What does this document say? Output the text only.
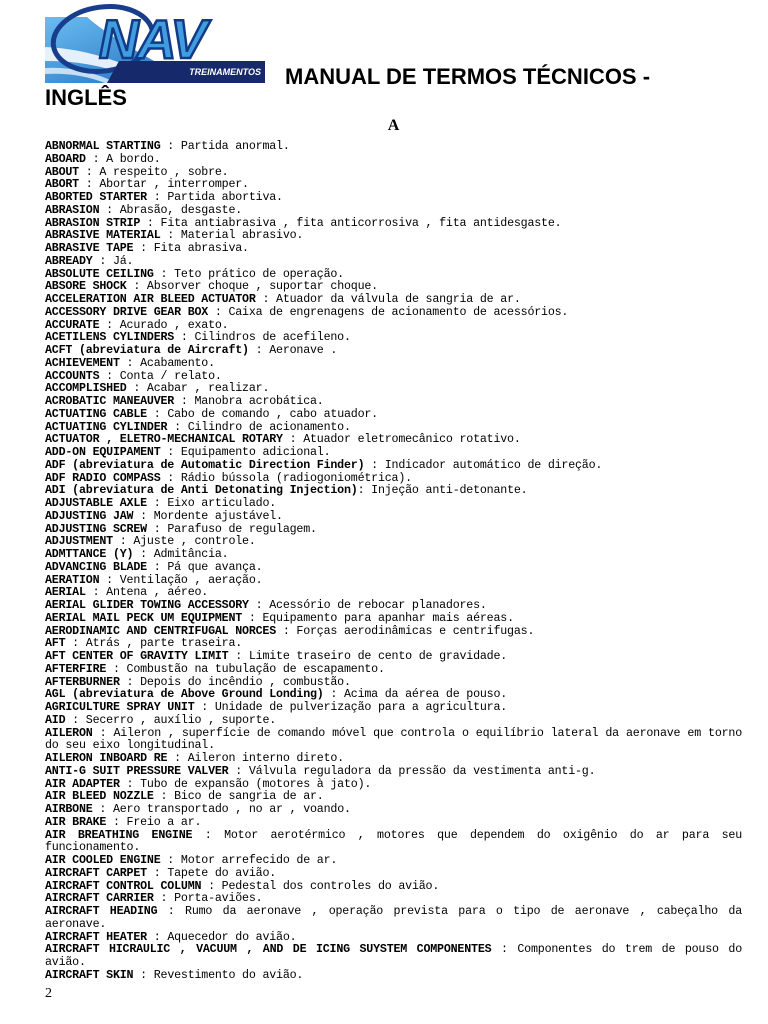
NAV
TREINAMENTOS	MANUAL DE TERMOS TÉCNICOS - INGLÊS
A
ABNORMAL STARTING : Partida anormal.
ABOARD : A bordo.
ABOUT : A respeito , sobre.
ABORT : Abortar , interromper.
ABORTED STARTER : Partida abortiva.
ABRASION : Abrasão, desgaste.
ABRASION STRIP : Fita antiabrasiva , fita anticorrosiva , fita antidesgaste.
ABRASIVE MATERIAL : Material abrasivo.
ABRASIVE TAPE : Fita abrasiva.
ABREADY : Já.
ABSOLUTE CEILING : Teto prático de operação.
ABSORE SHOCK : Absorver choque , suportar choque.
ACCELERATION AIR BLEED ACTUATOR : Atuador da válvula de sangria de ar.
ACCESSORY DRIVE GEAR BOX : Caixa de engrenagens de acionamento de acessórios.
ACCURATE : Acurado , exato.
ACETILENS CYLINDERS : Cilindros de acefileno.
ACFT (abreviatura de Aircraft) : Aeronave .
ACHIEVEMENT : Acabamento.
ACCOUNTS : Conta / relato.
ACCOMPLISHED : Acabar , realizar.
ACROBATIC MANEAUVER : Manobra acrobática.
ACTUATING CABLE : Cabo de comando , cabo atuador.
ACTUATING CYLINDER : Cilindro de acionamento.
ACTUATOR , ELETRO-MECHANICAL ROTARY : Atuador eletromecânico rotativo.
ADD-ON EQUIPAMENT : Equipamento adicional.
ADF (abreviatura de Automatic Direction Finder) : Indicador automático de direção.
ADF RADIO COMPASS : Rádio bússola (radiogoniométrica).
ADI (abreviatura de Anti Detonating Injection): Injeção anti-detonante.
ADJUSTABLE AXLE : Eixo articulado.
ADJUSTING JAW : Mordente ajustável.
ADJUSTING SCREW : Parafuso de regulagem.
ADJUSTMENT : Ajuste , controle.
ADMTTANCE (Y) : Admitância.
ADVANCING BLADE : Pá que avança.
AERATION : Ventilação , aeração.
AERIAL : Antena , aéreo.
AERIAL GLIDER TOWING ACCESSORY : Acessório de rebocar planadores.
AERIAL MAIL PECK UM EQUIPMENT : Equipamento para apanhar mais aéreas.
AERODINAMIC AND CENTRIFUGAL NORCES : Forças aerodinâmicas e centrifugas.
AFT : Atrás , parte traseira.
AFT CENTER OF GRAVITY LIMIT : Limite traseiro de cento de gravidade.
AFTERFIRE : Combustão na tubulação de escapamento.
AFTERBURNER : Depois do incêndio , combustão.
AGL (abreviatura de Above Ground Londing) : Acima da aérea de pouso.
AGRICULTURE SPRAY UNIT : Unidade de pulverização para a agricultura.
AID : Secerro , auxílio , suporte.
AILERON : Aileron , superfície de comando móvel que controla o equilíbrio lateral da aeronave em torno do seu eixo longitudinal.
AILERON INBOARD RE : Aileron interno direto.
ANTI-G SUIT PRESSURE VALVER : Válvula reguladora da pressão da vestimenta anti-g.
AIR ADAPTER : Tubo de expansão (motores à jato).
AIR BLEED NOZZLE : Bico de sangria de ar.
AIRBONE : Aero transportado , no ar , voando.
AIR BRAKE : Freio a ar.
AIR BREATHING ENGINE : Motor aerotérmico , motores que dependem do oxigênio do ar para seu funcionamento.
AIR COOLED ENGINE : Motor arrefecido de ar.
AIRCRAFT CARPET : Tapete do avião.
AIRCRAFT CONTROL COLUMN : Pedestal dos controles do avião.
AIRCRAFT CARRIER : Porta-aviões.
AIRCRAFT HEADING : Rumo da aeronave , operação prevista para o tipo de aeronave , cabeçalho da aeronave.
AIRCRAFT HEATER : Aquecedor do avião.
AIRCRAFT HICRAULIC , VACUUM , AND DE ICING SUYSTEM COMPONENTES : Componentes do trem de pouso do avião.
AIRCRAFT SKIN : Revestimento do avião.
2
